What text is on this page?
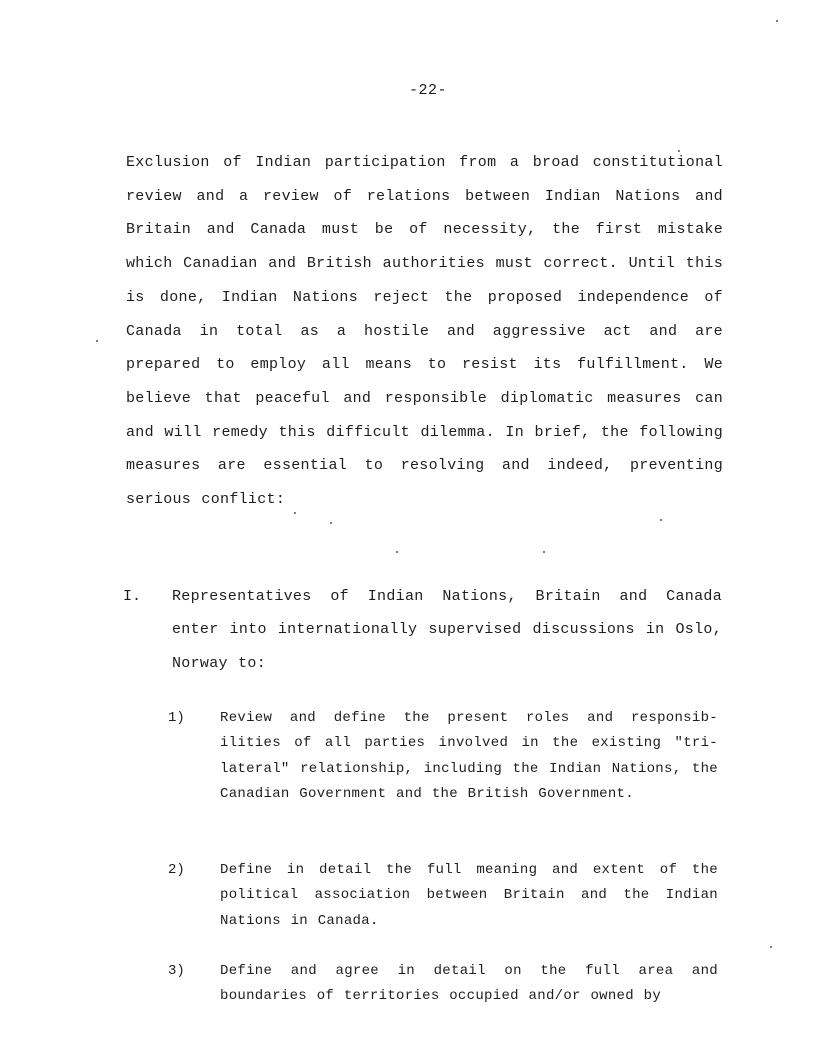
-22-

Exclusion of Indian participation from a broad constitutional review and a review of relations between Indian Nations and Britain and Canada must be of necessity, the first mistake which Canadian and British authorities must correct. Until this is done, Indian Nations reject the proposed independence of Canada in total as a hostile and aggressive act and are prepared to employ all means to resist its fulfillment. We believe that peaceful and responsible diplomatic measures can and will remedy this difficult dilemma. In brief, the following measures are essential to resolving and indeed, preventing serious conflict:

I. Representatives of Indian Nations, Britain and Canada enter into internationally supervised discussions in Oslo, Norway to:

1)	Review and define the present roles and responsib- ilities of all parties involved in the existing "tri-lateral" relationship, including the Indian Nations, the Canadian Government and the British Government.

2)	Define in detail the full meaning and extent of the political association between Britain and the Indian Nations in Canada.

3)	Define and agree in detail on the full area and boundaries of territories occupied and/or owned by
